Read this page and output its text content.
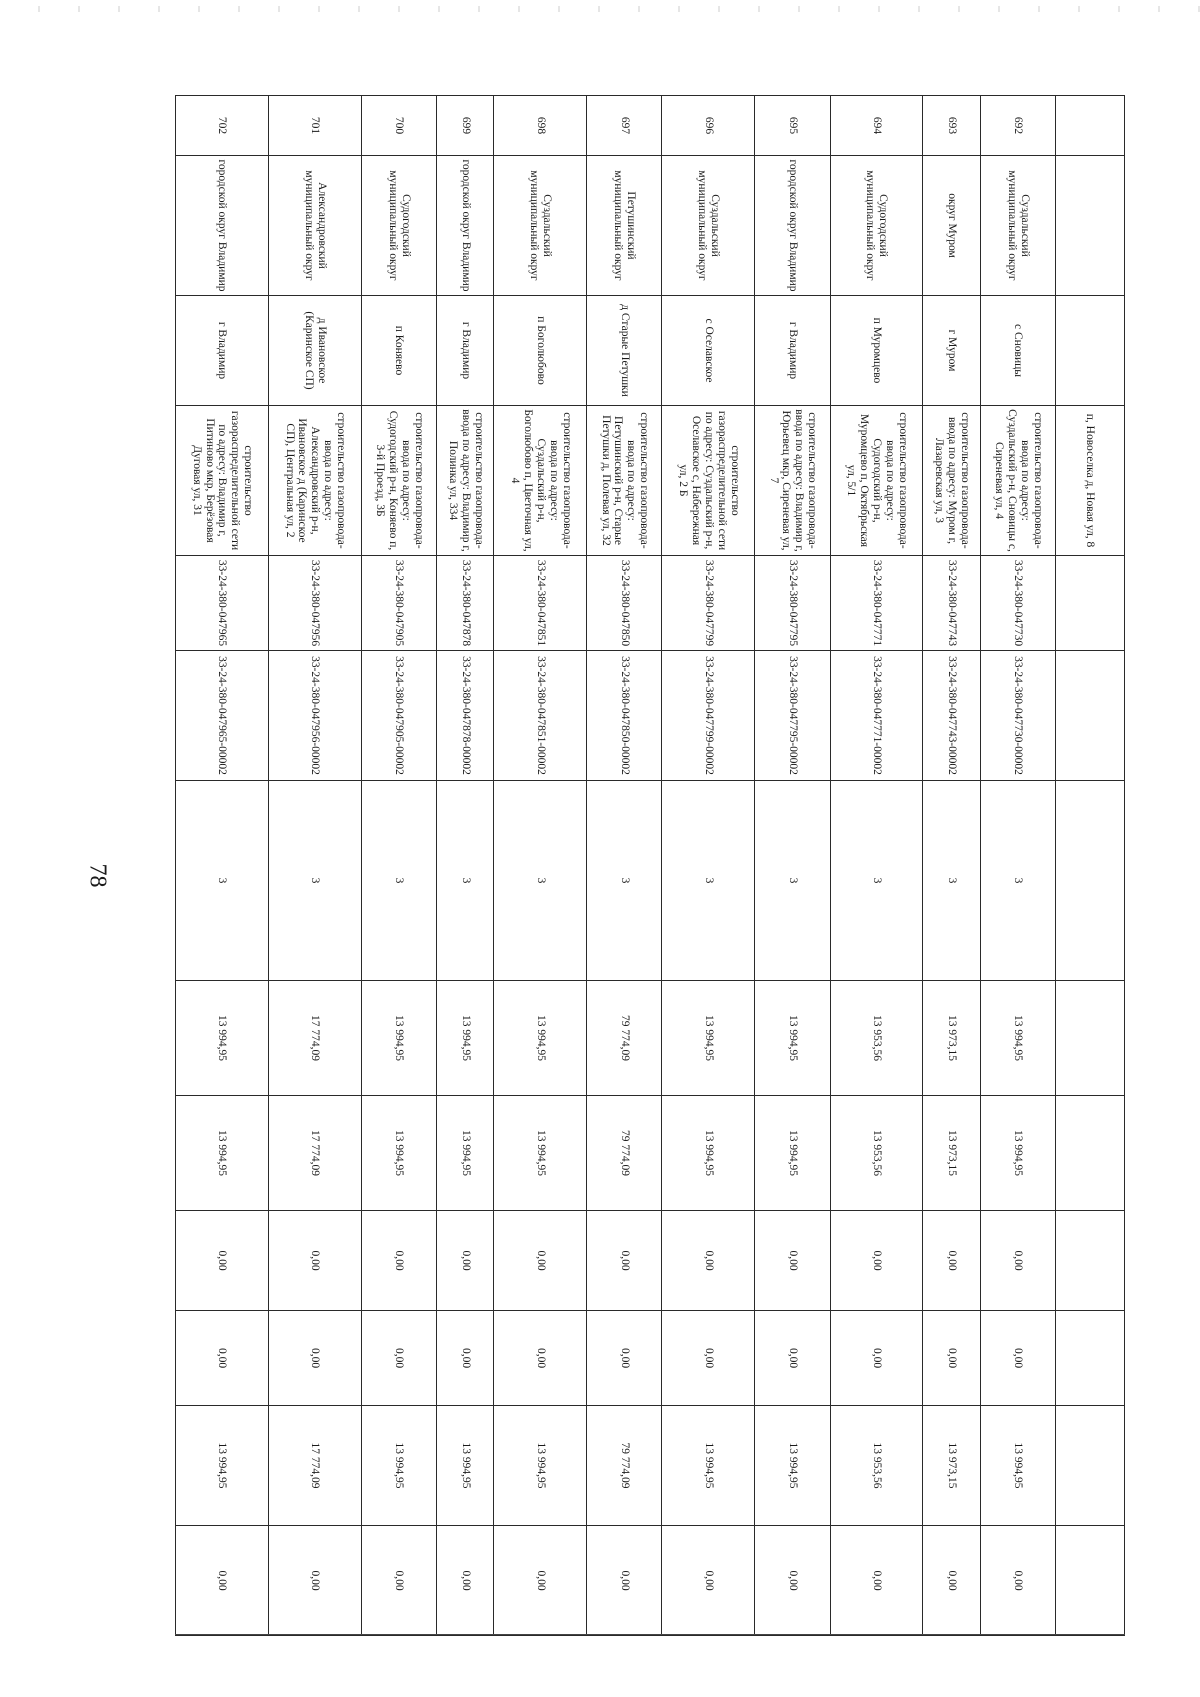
78
			п, Новоселка д, Новая ул, 8									
692	Суздальский муниципальный округ	с Сновицы	строительство газопровода-ввода по адресу: Суздальский р-н, Сновицы с, Сиреневая ул, 4	33-24-380-047730	33-24-380-047730-00002	3	13 994,95	13 994,95	0,00	0,00	13 994,95	0,00
693	округ Муром	г Муром	строительство газопровода-ввода по адресу: Муром г, Лазаревская ул, 3	33-24-380-047743	33-24-380-047743-00002	3	13 973,15	13 973,15	0,00	0,00	13 973,15	0,00
694	Судогодский муниципальный округ	п Муромцево	строительство газопровода-ввода по адресу: Судогодский р-н, Муромцево п, Октябрьская ул, 5/1	33-24-380-047771	33-24-380-047771-00002	3	13 953,56	13 953,56	0,00	0,00	13 953,56	0,00
695	городской округ Владимир	г Владимир	строительство газопровода-ввода по адресу: Владимир г, Юрьевец мкр, Сиреневая ул, 7	33-24-380-047795	33-24-380-047795-00002	3	13 994,95	13 994,95	0,00	0,00	13 994,95	0,00
696	Суздальский муниципальный округ	с Оселавское	строительство газораспределительной сети по адресу: Суздальский р-н, Оселавское с, Набережная ул, 2 Б	33-24-380-047799	33-24-380-047799-00002	3	13 994,95	13 994,95	0,00	0,00	13 994,95	0,00
697	Петушинский муниципальный округ	д Старые Петушки	строительство газопровода-ввода по адресу: Петушинский р-н, Старые Петушки д, Полевая ул, 32	33-24-380-047850	33-24-380-047850-00002	3	79 774,09	79 774,09	0,00	0,00	79 774,09	0,00
698	Суздальский муниципальный округ	п Боголюбово	строительство газопровода-ввода по адресу: Суздальский р-н, Боголюбово п, Цветочная ул, 4	33-24-380-047851	33-24-380-047851-00002	3	13 994,95	13 994,95	0,00	0,00	13 994,95	0,00
699	городской округ Владимир	г Владимир	строительство газопровода-ввода по адресу: Владимир г, Полинка ул, 334	33-24-380-047878	33-24-380-047878-00002	3	13 994,95	13 994,95	0,00	0,00	13 994,95	0,00
700	Судогодский муниципальный округ	п Коняево	строительство газопровода-ввода по адресу: Судогодский р-н, Коняево п, 3-й Проезд, 3Б	33-24-380-047905	33-24-380-047905-00002	3	13 994,95	13 994,95	0,00	0,00	13 994,95	0,00
701	Александровский муниципальный округ	д Ивановское (Каринское СП)	строительство газопровода-ввода по адресу: Александровский р-н, Ивановское д (Каринское СП), Центральная ул, 2	33-24-380-047956	33-24-380-047956-00002	3	17 774,09	17 774,09	0,00	0,00	17 774,09	0,00
702	городской округ Владимир	г Владимир	строительство газораспределительной сети по адресу: Владимир г, Питиново мкр, Берёзовая Дуговая ул, 31	33-24-380-047965	33-24-380-047965-00002	3	13 994,95	13 994,95	0,00	0,00	13 994,95	0,00
